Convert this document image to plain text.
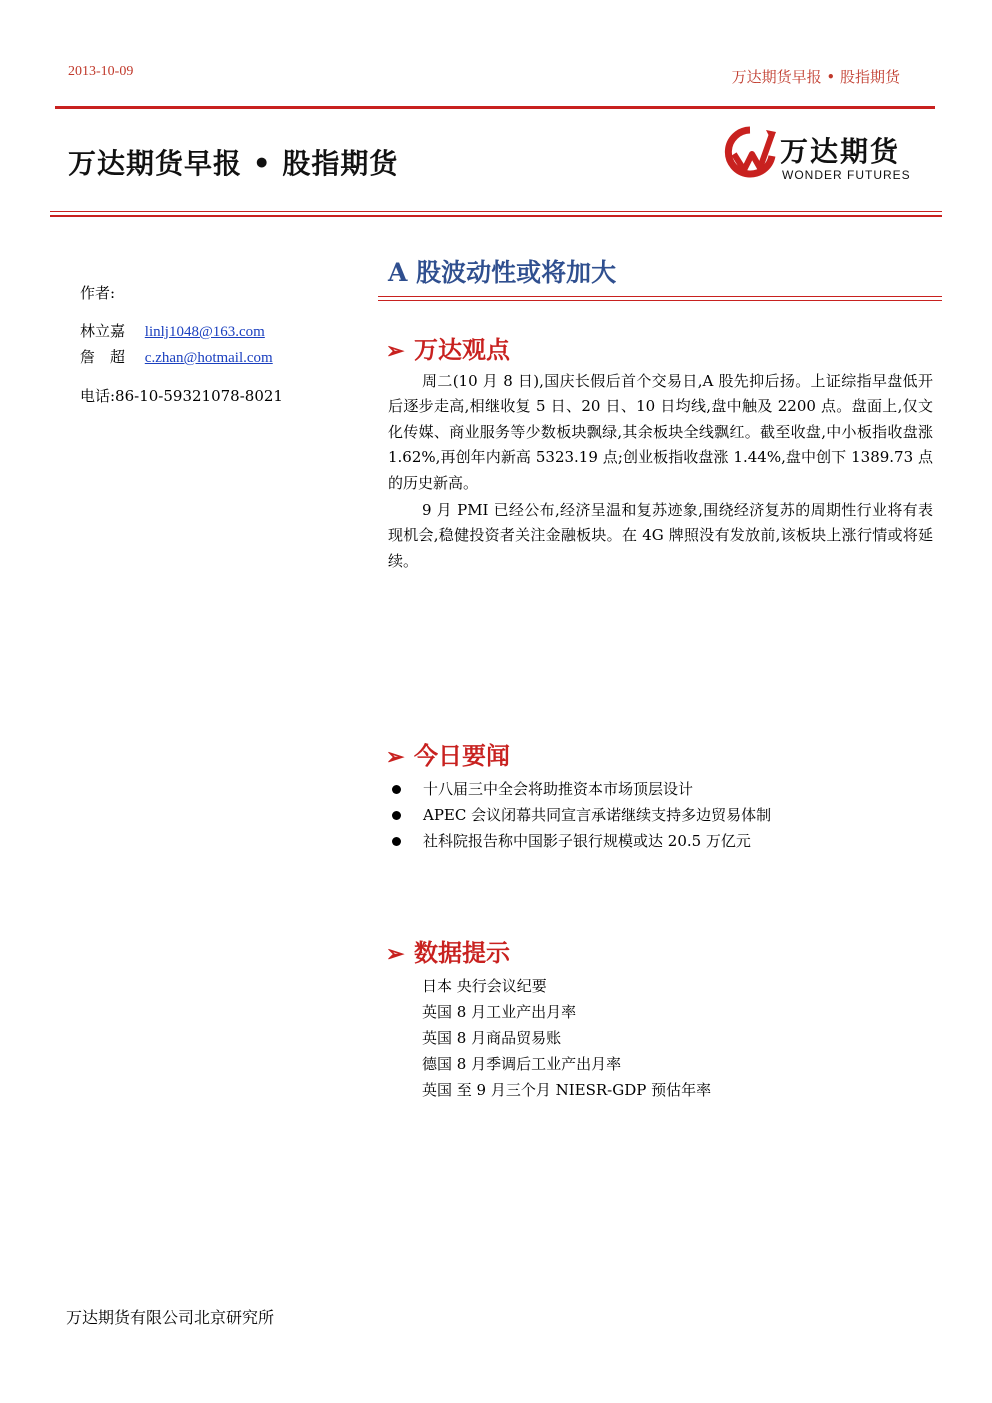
2013-10-09	万达期货早报 • 股指期货
万达期货早报 • 股指期货	万达期货
WONDER FUTURES
作者:
林立嘉 linlj1048@163.com
詹　超 c.zhan@hotmail.com
电话:86-10-59321078-8021
A 股波动性或将加大
➢ 万达观点

周二(10 月 8 日),国庆长假后首个交易日,A 股先抑后扬。上证综指早盘低开后逐步走高,相继收复 5 日、20 日、10 日均线,盘中触及 2200 点。盘面上,仅文化传媒、商业服务等少数板块飘绿,其余板块全线飘红。截至收盘,中小板指收盘涨 1.62%,再创年内新高 5323.19 点;创业板指收盘涨 1.44%,盘中创下 1389.73 点的历史新高。

9 月 PMI 已经公布,经济呈温和复苏迹象,围绕经济复苏的周期性行业将有表现机会,稳健投资者关注金融板块。在 4G 牌照没有发放前,该板块上涨行情或将延续。

➢ 今日要闻
十八届三中全会将助推资本市场顶层设计
APEC 会议闭幕共同宣言承诺继续支持多边贸易体制
社科院报告称中国影子银行规模或达 20.5 万亿元
➢ 数据提示
日本 央行会议纪要
英国 8 月工业产出月率
英国 8 月商品贸易账
德国 8 月季调后工业产出月率
英国 至 9 月三个月 NIESR-GDP 预估年率
万达期货有限公司北京研究所
